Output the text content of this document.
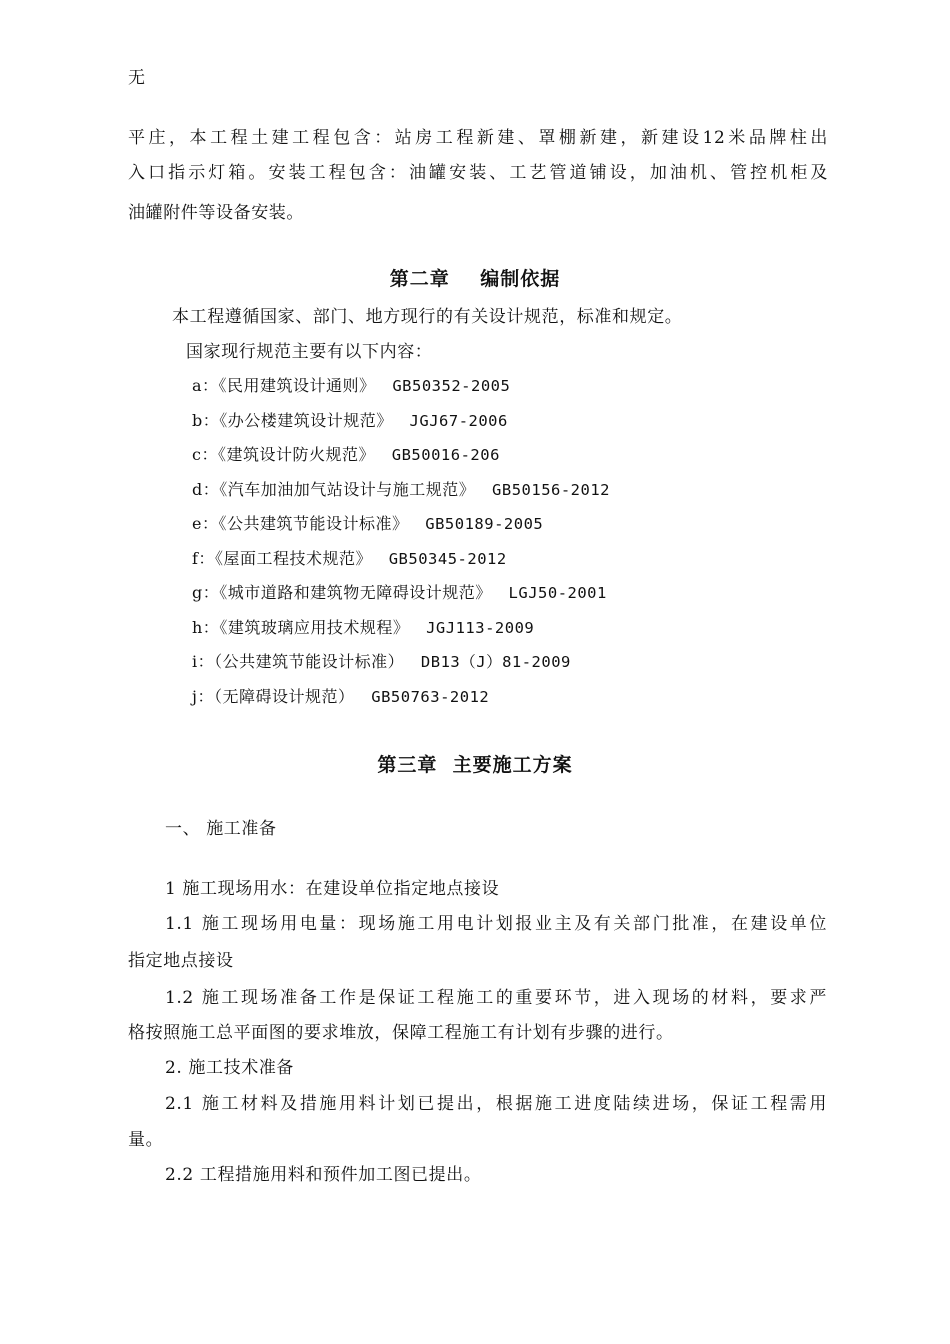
无
平庄，本工程土建工程包含：站房工程新建、罩棚新建，新建设12米品牌柱出
入口指示灯箱。安装工程包含：油罐安装、工艺管道铺设，加油机、管控机柜及
油罐附件等设备安装。
第二章    编制依据
本工程遵循国家、部门、地方现行的有关设计规范，标准和规定。
国家现行规范主要有以下内容：
a：《民用建筑设计通则》 GB50352-2005
b：《办公楼建筑设计规范》 JGJ67-2006
c：《建筑设计防火规范》 GB50016-206
d：《汽车加油加气站设计与施工规范》 GB50156-2012
e：《公共建筑节能设计标准》 GB50189-2005
f：《屋面工程技术规范》 GB50345-2012
g：《城市道路和建筑物无障碍设计规范》 LGJ50-2001
h：《建筑玻璃应用技术规程》 JGJ113-2009
i：（公共建筑节能设计标准） DB13（J）81-2009
j：（无障碍设计规范） GB50763-2012
第三章  主要施工方案
一、 施工准备
1 施工现场用水：在建设单位指定地点接设
1.1 施工现场用电量：现场施工用电计划报业主及有关部门批准，在建设单位
指定地点接设
1.2 施工现场准备工作是保证工程施工的重要环节，进入现场的材料，要求严
格按照施工总平面图的要求堆放，保障工程施工有计划有步骤的进行。
2. 施工技术准备
2.1 施工材料及措施用料计划已提出，根据施工进度陆续进场，保证工程需用
量。
2.2 工程措施用料和预件加工图已提出。
